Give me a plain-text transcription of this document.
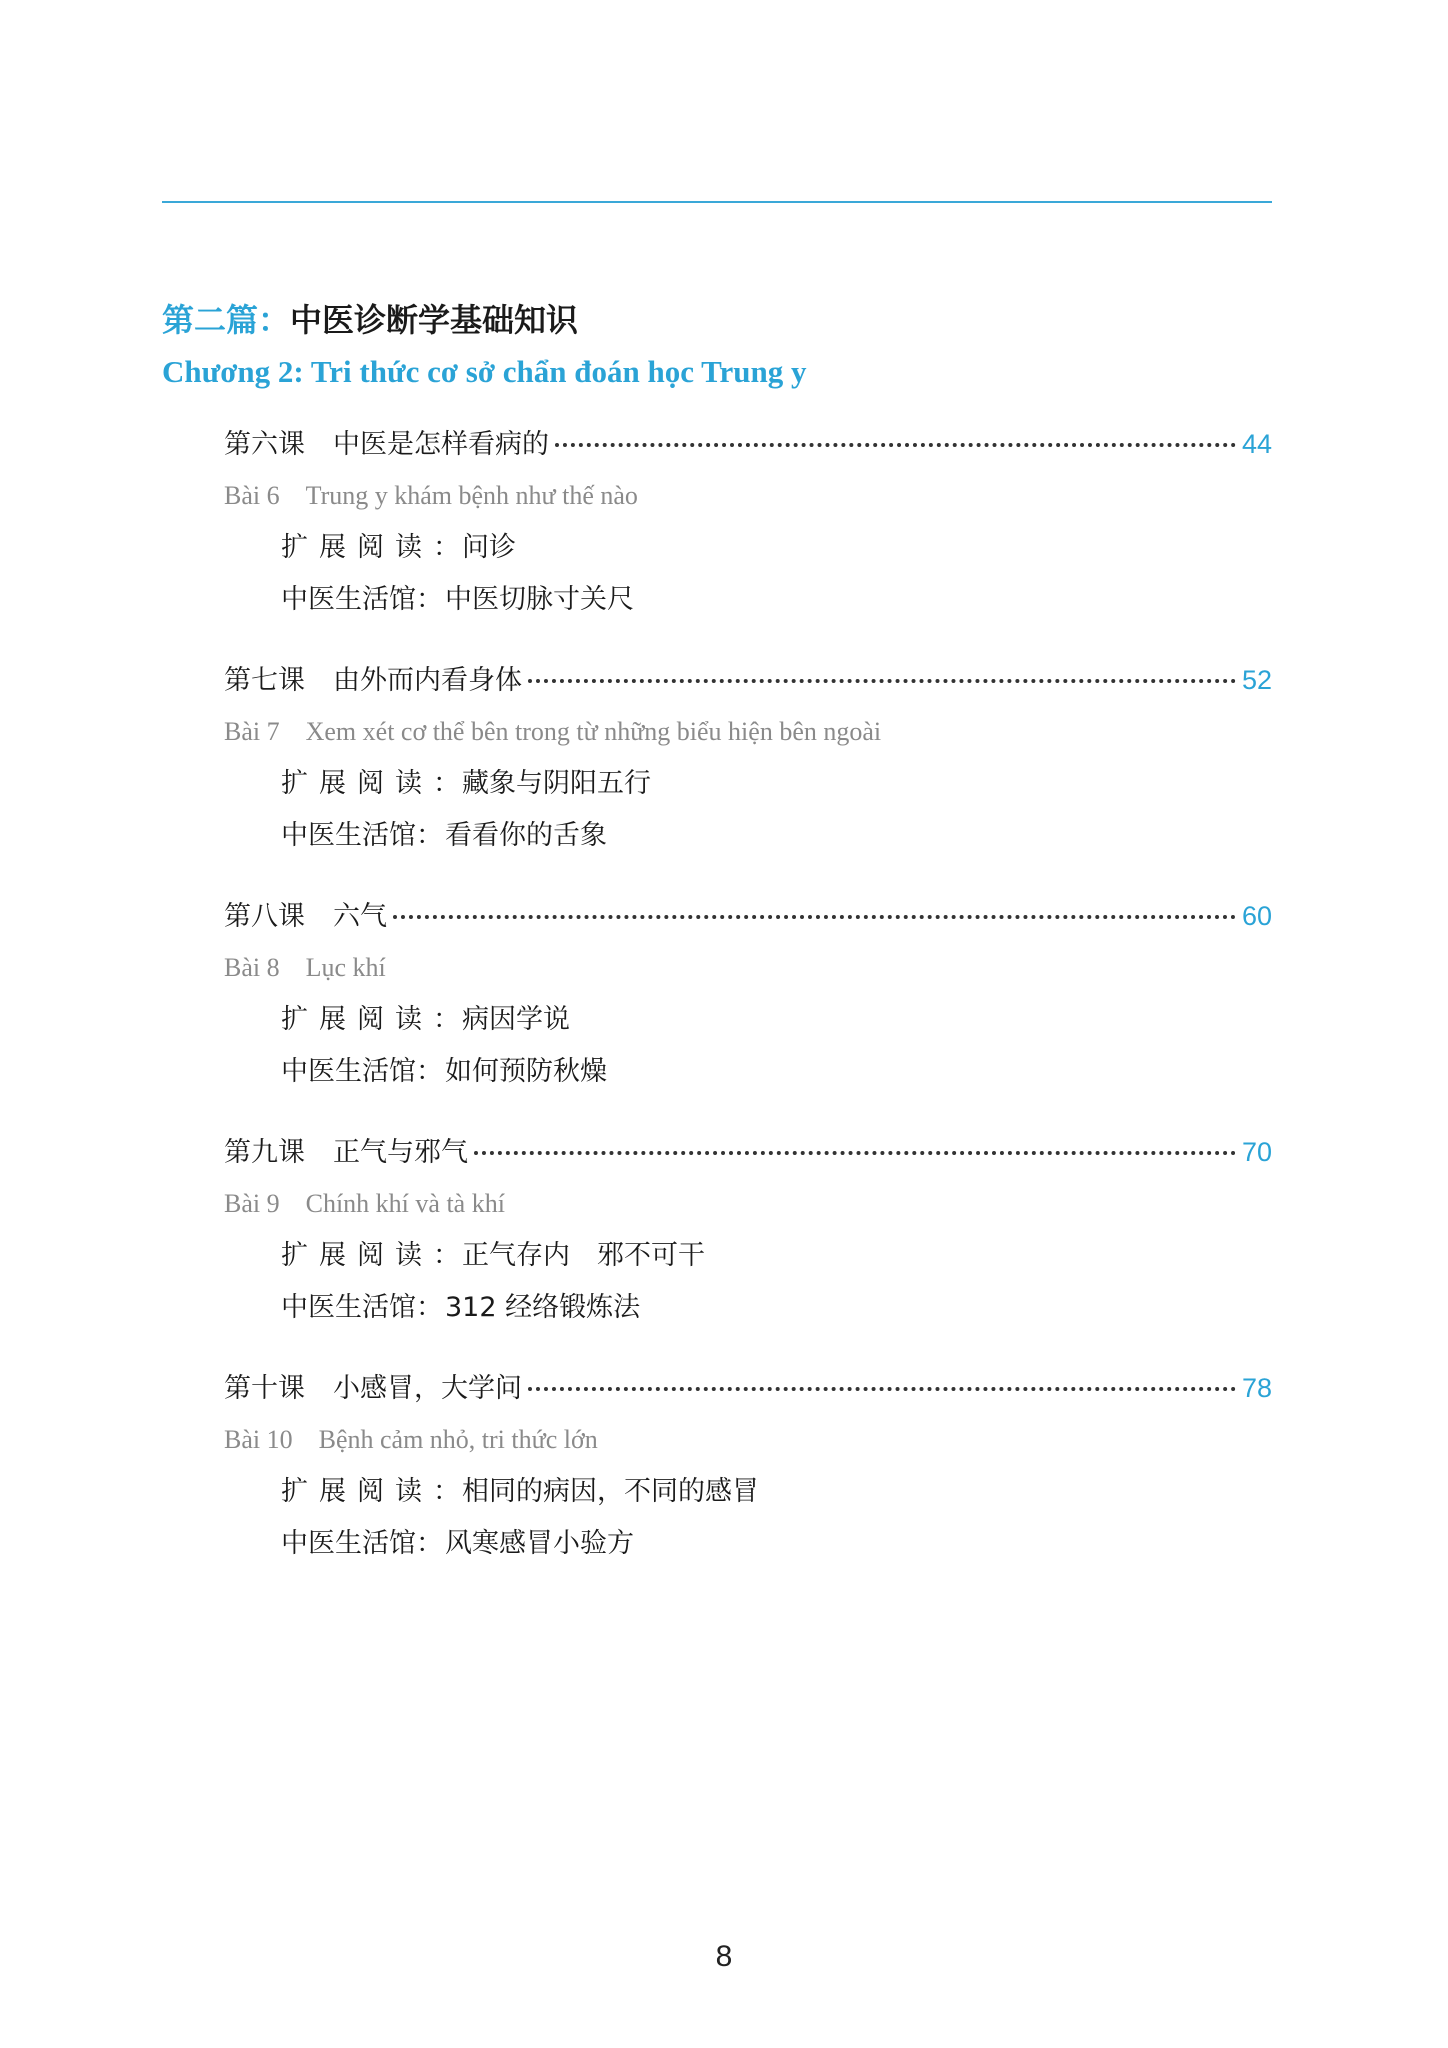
第二篇：中医诊断学基础知识
Chương 2: Tri thức cơ sở chẩn đoán học Trung y
第六课 中医是怎样看病的	44
Bài 6 Trung y khám bệnh như thế nào
扩展阅读：问诊
中医生活馆：中医切脉寸关尺
第七课 由外而内看身体	52
Bài 7 Xem xét cơ thể bên trong từ những biểu hiện bên ngoài
扩展阅读：藏象与阴阳五行
中医生活馆：看看你的舌象
第八课 六气	60
Bài 8 Lục khí
扩展阅读：病因学说
中医生活馆：如何预防秋燥
第九课 正气与邪气	70
Bài 9 Chính khí và tà khí
扩展阅读：正气存内　邪不可干
中医生活馆：312 经络锻炼法
第十课 小感冒，大学问	78
Bài 10 Bệnh cảm nhỏ, tri thức lớn
扩展阅读：相同的病因，不同的感冒
中医生活馆：风寒感冒小验方
8
